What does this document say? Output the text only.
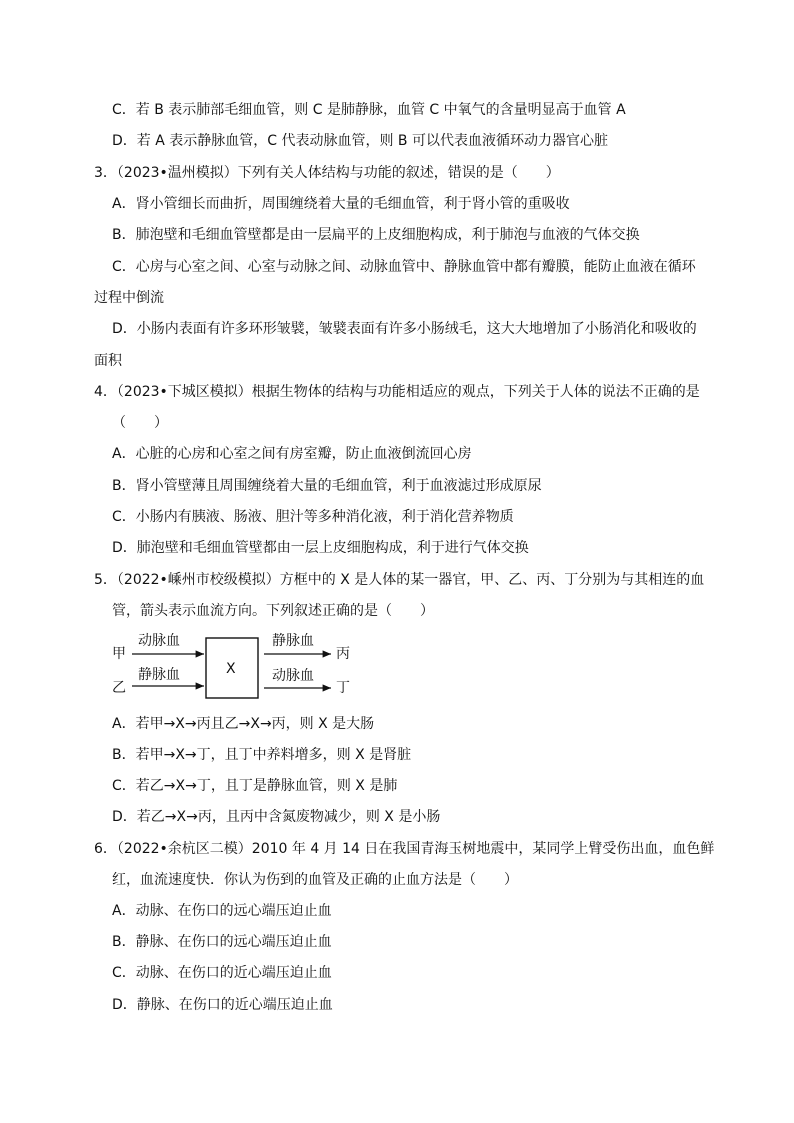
C．若 B 表示肺部毛细血管，则 C 是肺静脉，血管 C 中氧气的含量明显高于血管 A
D．若 A 表示静脉血管，C 代表动脉血管，则 B 可以代表血液循环动力器官心脏
3．（2023•温州模拟）下列有关人体结构与功能的叙述，错误的是（　　）
A．肾小管细长而曲折，周围缠绕着大量的毛细血管，利于肾小管的重吸收
B．肺泡壁和毛细血管壁都是由一层扁平的上皮细胞构成，利于肺泡与血液的气体交换
C．心房与心室之间、心室与动脉之间、动脉血管中、静脉血管中都有瓣膜，能防止血液在循环
过程中倒流
D．小肠内表面有许多环形皱襞，皱襞表面有许多小肠绒毛，这大大地增加了小肠消化和吸收的
面积
4．（2023•下城区模拟）根据生物体的结构与功能相适应的观点，下列关于人体的说法不正确的是
（　　）
A．心脏的心房和心室之间有房室瓣，防止血液倒流回心房
B．肾小管壁薄且周围缠绕着大量的毛细血管，利于血液滤过形成原尿
C．小肠内有胰液、肠液、胆汁等多种消化液，利于消化营养物质
D．肺泡壁和毛细血管壁都由一层上皮细胞构成，利于进行气体交换
5．（2022•嵊州市校级模拟）方框中的 X 是人体的某一器官，甲、乙、丙、丁分别为与其相连的血
管，箭头表示血流方向。下列叙述正确的是（　　）
甲
乙
动脉血
静脉血	X
静脉血
动脉血
丙
丁
A．若甲→X→丙且乙→X→丙，则 X 是大肠
B．若甲→X→丁，且丁中养料增多，则 X 是肾脏
C．若乙→X→丁，且丁是静脉血管，则 X 是肺
D．若乙→X→丙，且丙中含氮废物减少，则 X 是小肠
6．（2022•余杭区二模）2010 年 4 月 14 日在我国青海玉树地震中，某同学上臂受伤出血，血色鲜
红，血流速度快．你认为伤到的血管及正确的止血方法是（　　）
A．动脉、在伤口的远心端压迫止血
B．静脉、在伤口的远心端压迫止血
C．动脉、在伤口的近心端压迫止血
D．静脉、在伤口的近心端压迫止血
